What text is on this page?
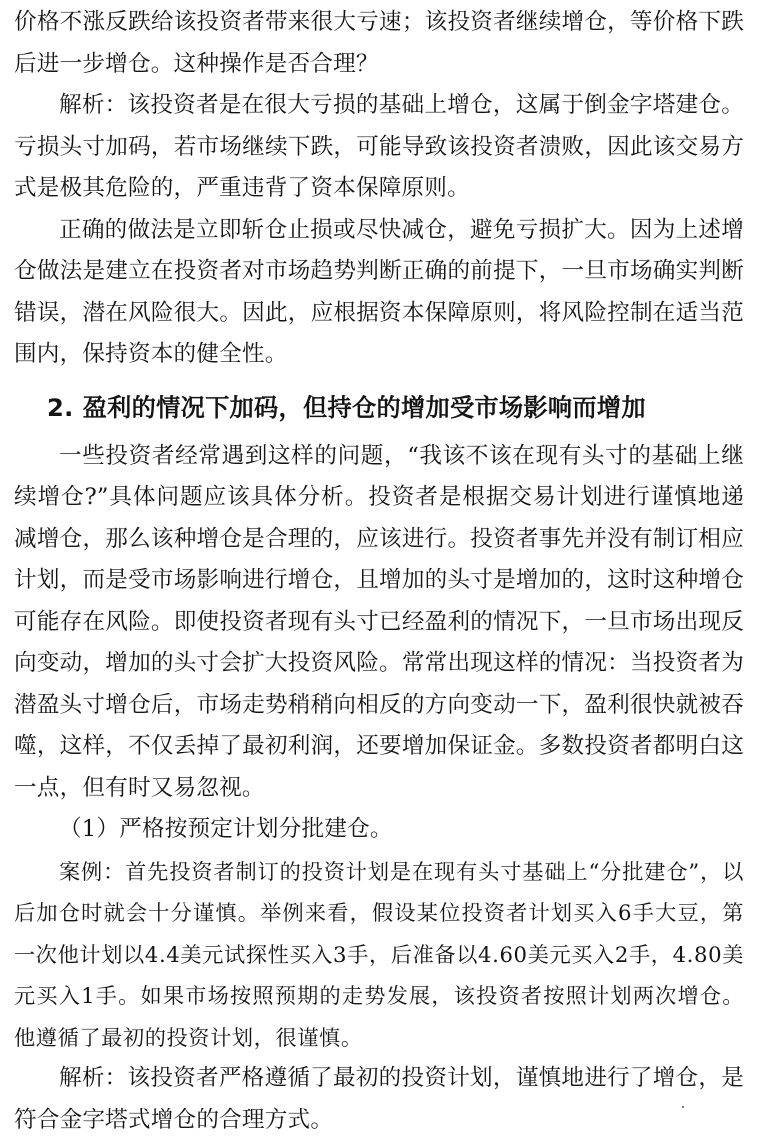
价格不涨反跌给该投资者带来很大亏速；该投资者继续增仓，等价格下跌后进一步增仓。这种操作是否合理？

解析：该投资者是在很大亏损的基础上增仓，这属于倒金字塔建仓。亏损头寸加码，若市场继续下跌，可能导致该投资者溃败，因此该交易方式是极其危险的，严重违背了资本保障原则。

正确的做法是立即斩仓止损或尽快减仓，避免亏损扩大。因为上述增仓做法是建立在投资者对市场趋势判断正确的前提下，一旦市场确实判断错误，潜在风险很大。因此，应根据资本保障原则，将风险控制在适当范围内，保持资本的健全性。

2. 盈利的情况下加码，但持仓的增加受市场影响而增加

一些投资者经常遇到这样的问题，“我该不该在现有头寸的基础上继续增仓?”具体问题应该具体分析。投资者是根据交易计划进行谨慎地递减增仓，那么该种增仓是合理的，应该进行。投资者事先并没有制订相应计划，而是受市场影响进行增仓，且增加的头寸是增加的，这时这种增仓可能存在风险。即使投资者现有头寸已经盈利的情况下，一旦市场出现反向变动，增加的头寸会扩大投资风险。常常出现这样的情况：当投资者为潜盈头寸增仓后，市场走势稍稍向相反的方向变动一下，盈利很快就被吞噬，这样，不仅丢掉了最初利润，还要增加保证金。多数投资者都明白这一点，但有时又易忽视。

（1）严格按预定计划分批建仓。

案例：首先投资者制订的投资计划是在现有头寸基础上“分批建仓”，以后加仓时就会十分谨慎。举例来看，假设某位投资者计划买入6手大豆，第一次他计划以4.4美元试探性买入3手，后准备以4.60美元买入2手，4.80美元买入1手。如果市场按照预期的走势发展，该投资者按照计划两次增仓。他遵循了最初的投资计划，很谨慎。

解析：该投资者严格遵循了最初的投资计划，谨慎地进行了增仓，是符合金字塔式增仓的合理方式。
